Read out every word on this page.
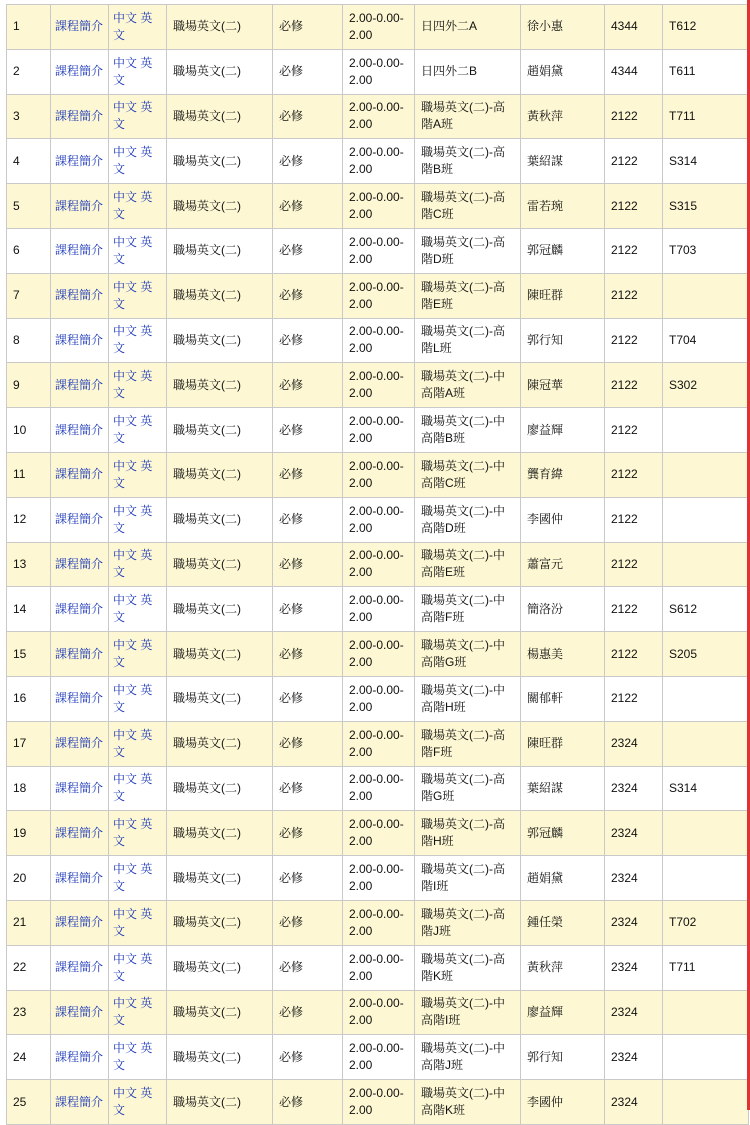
1	課程簡介	中文 英文	職場英文(二)	必修	2.00-0.00-2.00	日四外二A	徐小惠	4344	T612
2	課程簡介	中文 英文	職場英文(二)	必修	2.00-0.00-2.00	日四外二B	趙娟黛	4344	T611
3	課程簡介	中文 英文	職場英文(二)	必修	2.00-0.00-2.00	職場英文(二)-高階A班	黃秋萍	2122	T711
4	課程簡介	中文 英文	職場英文(二)	必修	2.00-0.00-2.00	職場英文(二)-高階B班	葉紹謀	2122	S314
5	課程簡介	中文 英文	職場英文(二)	必修	2.00-0.00-2.00	職場英文(二)-高階C班	雷若琬	2122	S315
6	課程簡介	中文 英文	職場英文(二)	必修	2.00-0.00-2.00	職場英文(二)-高階D班	郭冠麟	2122	T703
7	課程簡介	中文 英文	職場英文(二)	必修	2.00-0.00-2.00	職場英文(二)-高階E班	陳旺群	2122	
8	課程簡介	中文 英文	職場英文(二)	必修	2.00-0.00-2.00	職場英文(二)-高階L班	郭行知	2122	T704
9	課程簡介	中文 英文	職場英文(二)	必修	2.00-0.00-2.00	職場英文(二)-中高階A班	陳冠華	2122	S302
10	課程簡介	中文 英文	職場英文(二)	必修	2.00-0.00-2.00	職場英文(二)-中高階B班	廖益輝	2122	
11	課程簡介	中文 英文	職場英文(二)	必修	2.00-0.00-2.00	職場英文(二)-中高階C班	龔育緯	2122	
12	課程簡介	中文 英文	職場英文(二)	必修	2.00-0.00-2.00	職場英文(二)-中高階D班	李國仲	2122	
13	課程簡介	中文 英文	職場英文(二)	必修	2.00-0.00-2.00	職場英文(二)-中高階E班	蕭富元	2122	
14	課程簡介	中文 英文	職場英文(二)	必修	2.00-0.00-2.00	職場英文(二)-中高階F班	簡洛汾	2122	S612
15	課程簡介	中文 英文	職場英文(二)	必修	2.00-0.00-2.00	職場英文(二)-中高階G班	楊惠美	2122	S205
16	課程簡介	中文 英文	職場英文(二)	必修	2.00-0.00-2.00	職場英文(二)-中高階H班	關郁軒	2122	
17	課程簡介	中文 英文	職場英文(二)	必修	2.00-0.00-2.00	職場英文(二)-高階F班	陳旺群	2324	
18	課程簡介	中文 英文	職場英文(二)	必修	2.00-0.00-2.00	職場英文(二)-高階G班	葉紹謀	2324	S314
19	課程簡介	中文 英文	職場英文(二)	必修	2.00-0.00-2.00	職場英文(二)-高階H班	郭冠麟	2324	
20	課程簡介	中文 英文	職場英文(二)	必修	2.00-0.00-2.00	職場英文(二)-高階I班	趙娟黛	2324	
21	課程簡介	中文 英文	職場英文(二)	必修	2.00-0.00-2.00	職場英文(二)-高階J班	鍾任榮	2324	T702
22	課程簡介	中文 英文	職場英文(二)	必修	2.00-0.00-2.00	職場英文(二)-高階K班	黃秋萍	2324	T711
23	課程簡介	中文 英文	職場英文(二)	必修	2.00-0.00-2.00	職場英文(二)-中高階I班	廖益輝	2324	
24	課程簡介	中文 英文	職場英文(二)	必修	2.00-0.00-2.00	職場英文(二)-中高階J班	郭行知	2324	
25	課程簡介	中文 英文	職場英文(二)	必修	2.00-0.00-2.00	職場英文(二)-中高階K班	李國仲	2324	
